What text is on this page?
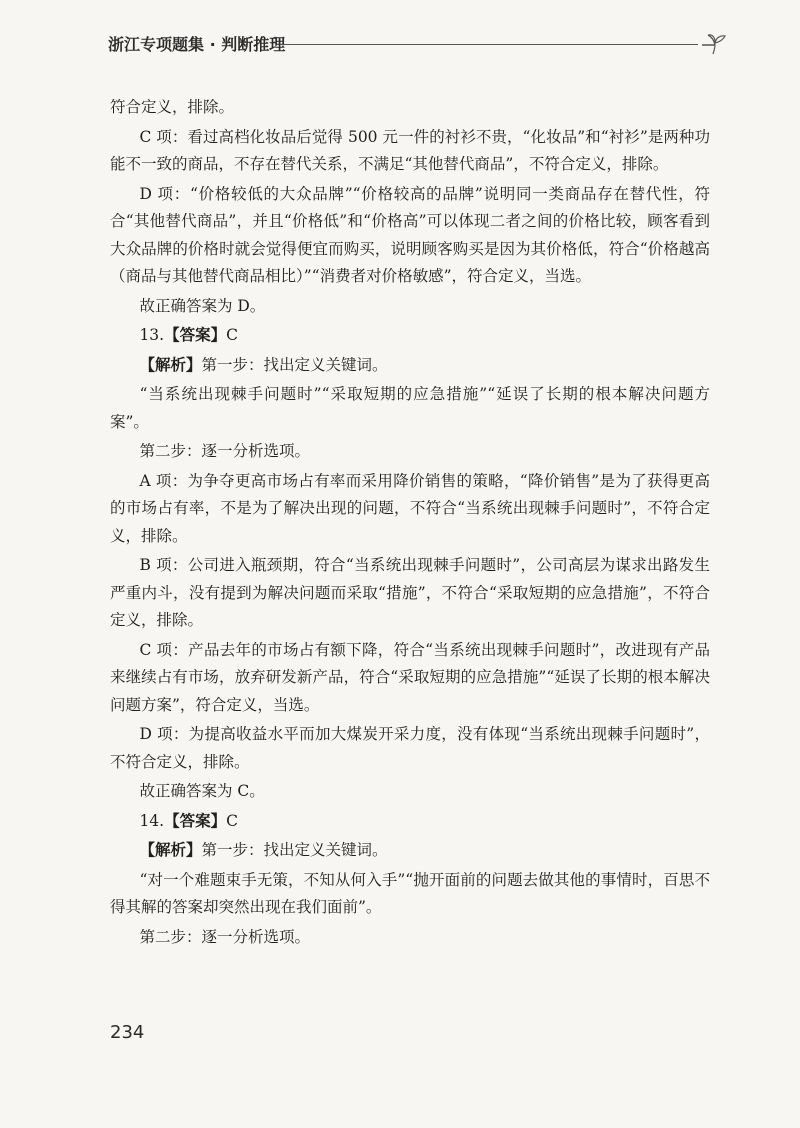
浙江专项题集 · 判断推理

符合定义，排除。

C 项：看过高档化妆品后觉得 500 元一件的衬衫不贵，“化妆品”和“衬衫”是两种功能不一致的商品，不存在替代关系，不满足“其他替代商品”，不符合定义，排除。

D 项：“价格较低的大众品牌”“价格较高的品牌”说明同一类商品存在替代性，符合“其他替代商品”，并且“价格低”和“价格高”可以体现二者之间的价格比较，顾客看到大众品牌的价格时就会觉得便宜而购买，说明顾客购买是因为其价格低，符合“价格越高（商品与其他替代商品相比）”“消费者对价格敏感”，符合定义，当选。

故正确答案为 D。

13.【答案】C

【解析】第一步：找出定义关键词。

“当系统出现棘手问题时”“采取短期的应急措施”“延误了长期的根本解决问题方案”。

第二步：逐一分析选项。

A 项：为争夺更高市场占有率而采用降价销售的策略，“降价销售”是为了获得更高的市场占有率，不是为了解决出现的问题，不符合“当系统出现棘手问题时”，不符合定义，排除。

B 项：公司进入瓶颈期，符合“当系统出现棘手问题时”，公司高层为谋求出路发生严重内斗，没有提到为解决问题而采取“措施”，不符合“采取短期的应急措施”，不符合定义，排除。

C 项：产品去年的市场占有额下降，符合“当系统出现棘手问题时”，改进现有产品来继续占有市场，放弃研发新产品，符合“采取短期的应急措施”“延误了长期的根本解决问题方案”，符合定义，当选。

D 项：为提高收益水平而加大煤炭开采力度，没有体现“当系统出现棘手问题时”，不符合定义，排除。

故正确答案为 C。

14.【答案】C

【解析】第一步：找出定义关键词。

“对一个难题束手无策，不知从何入手”“抛开面前的问题去做其他的事情时，百思不得其解的答案却突然出现在我们面前”。

第二步：逐一分析选项。

234
